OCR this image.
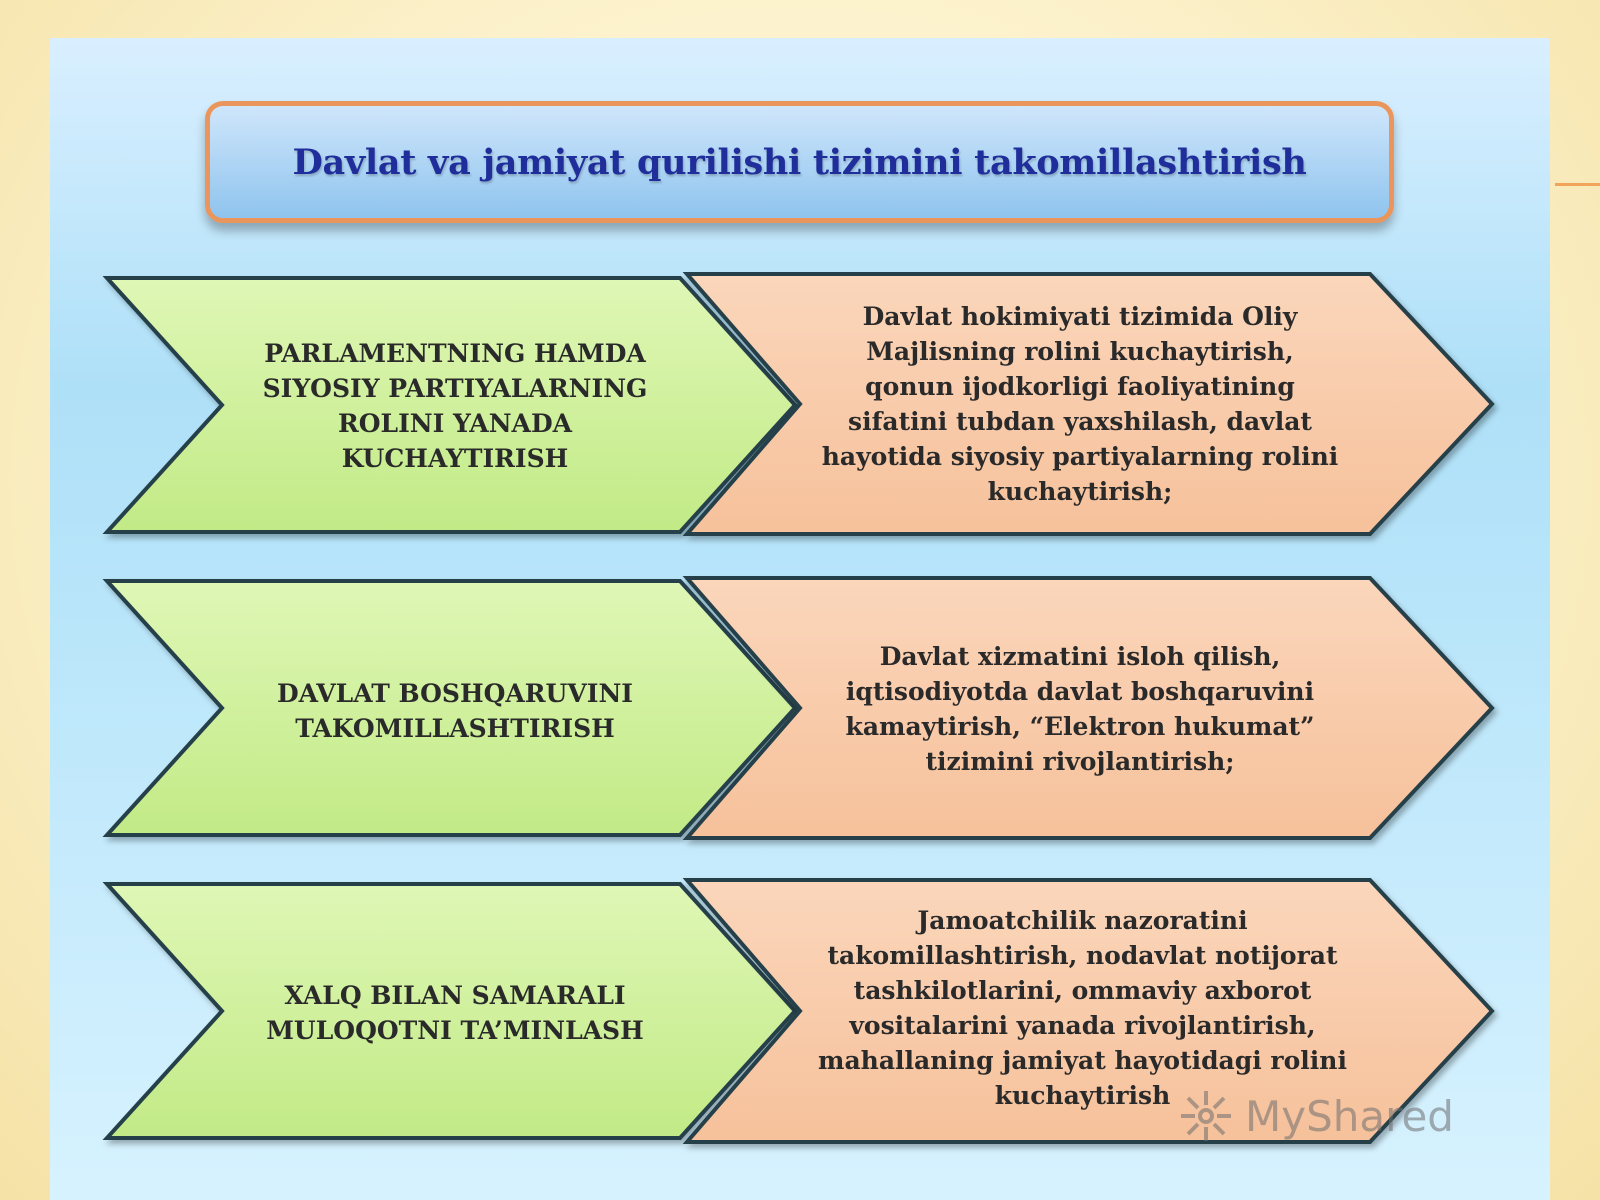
Davlat va jamiyat qurilishi tizimini takomillashtirish
PARLAMENTNING HAMDA SIYOSIY PARTIYALARNING ROLINI YANADA KUCHAYTIRISH
Davlat hokimiyati tizimida Oliy Majlisning rolini kuchaytirish, qonun ijodkorligi faoliyatining sifatini tubdan yaxshilash, davlat hayotida siyosiy partiyalarning rolini kuchaytirish;
DAVLAT BOSHQARUVINI TAKOMILLASHTIRISH
Davlat xizmatini isloh qilish, iqtisodiyotda davlat boshqaruvini kamaytirish, “Elektron hukumat” tizimini rivojlantirish;
XALQ BILAN SAMARALI MULOQOTNI TA’MINLASH
Jamoatchilik nazoratini takomillashtirish, nodavlat notijorat tashkilotlarini, ommaviy axborot vositalarini yanada rivojlantirish, mahallaning jamiyat hayotidagi rolini kuchaytirish	MyShared
